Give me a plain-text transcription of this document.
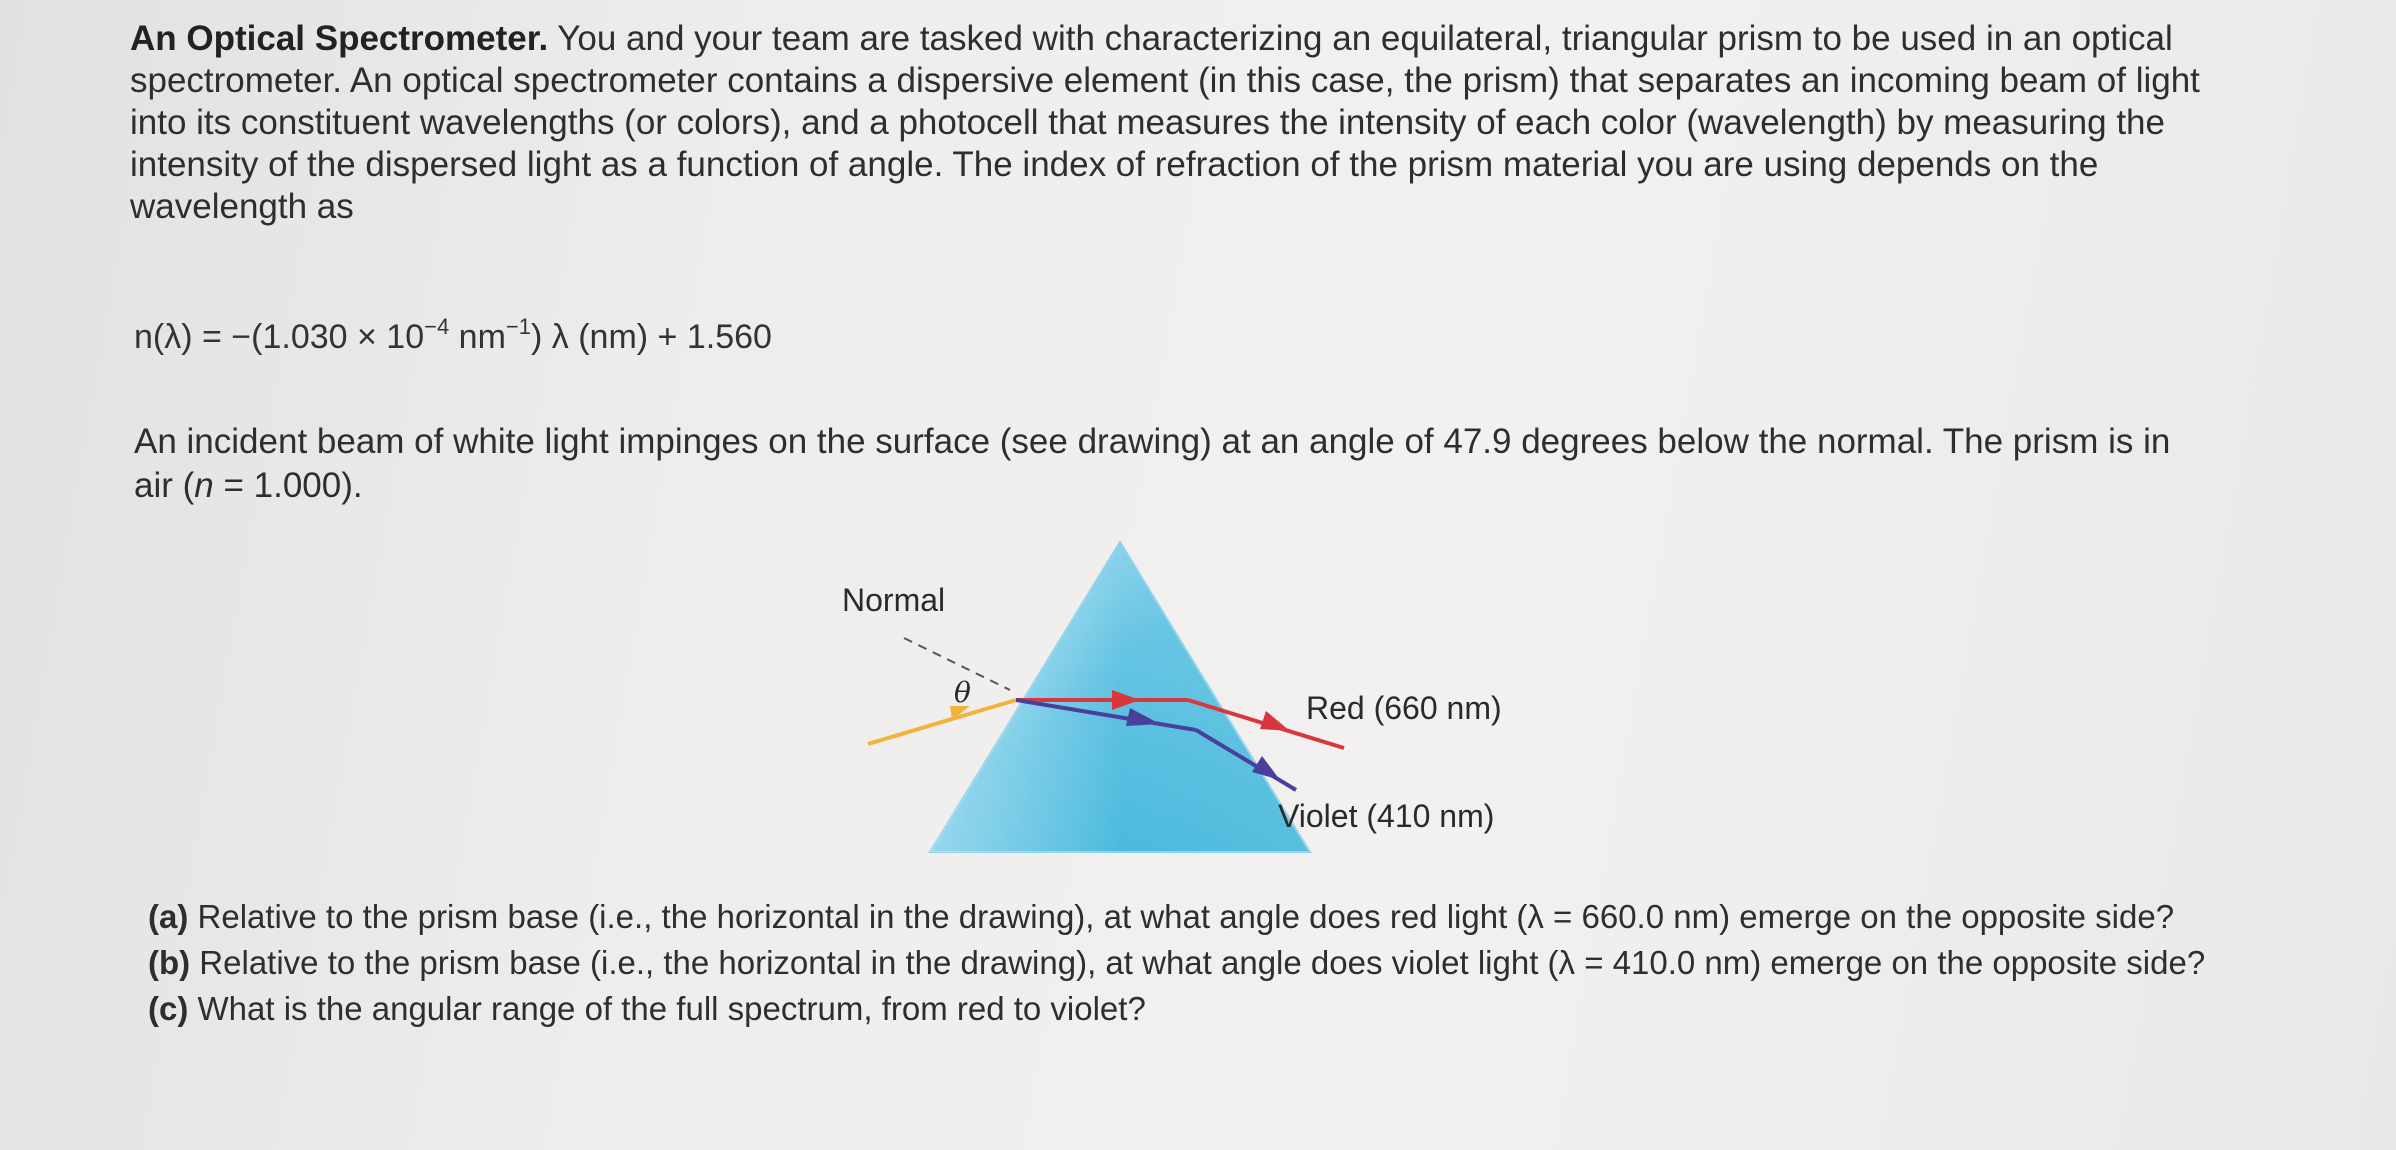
An Optical Spectrometer. You and your team are tasked with characterizing an equilateral, triangular prism to be used in an optical spectrometer. An optical spectrometer contains a dispersive element (in this case, the prism) that separates an incoming beam of light into its constituent wavelengths (or colors), and a photocell that measures the intensity of each color (wavelength) by measuring the intensity of the dispersed light as a function of angle. The index of refraction of the prism material you are using depends on the wavelength as
$n(\lambda) = -(1.030 \times 10^{-4}$ $nm^{-1}$) λ (nm) + 1.560
An incident beam of white light impinges on the surface (see drawing) at an angle of 47.9 degrees below the normal. The prism is in air (n = 1.000).
Normal
θ	Red (660 nm)
Violet (410 nm)

(a) Relative to the prism base (i.e., the horizontal in the drawing), at what angle does red light (λ = 660.0 nm) emerge on the opposite side?

(b) Relative to the prism base (i.e., the horizontal in the drawing), at what angle does violet light (λ = 410.0 nm) emerge on the opposite side?

(c) What is the angular range of the full spectrum, from red to violet?
